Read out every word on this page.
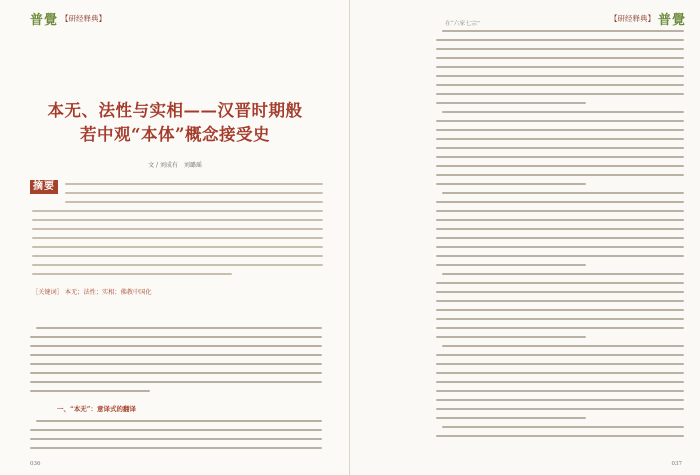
普覺 【研经释典】
本无、法性与实相——汉晋时期般
若中观“本体”概念接受史
文 / 刘成有　刘璐瑶
摘要
［关键词］ 本无；法性；实相；佛教中国化
一、“本无”：意译式的翻译
036
【研经释典】 普覺
在“六家七宗”
037
